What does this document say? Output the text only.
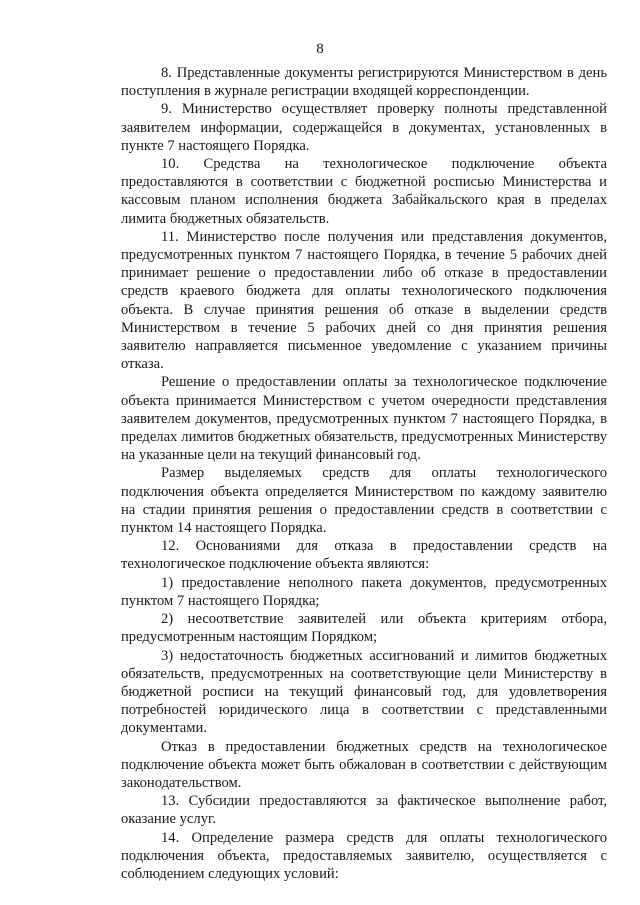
8

8. Представленные документы регистрируются Министерством в день поступления в журнале регистрации входящей корреспонденции.

9. Министерство осуществляет проверку полноты представленной заявителем информации, содержащейся в документах, установленных в пункте 7 настоящего Порядка.

10. Средства на технологическое подключение объекта предоставляются в соответствии с бюджетной росписью Министерства и кассовым планом исполнения бюджета Забайкальского края в пределах лимита бюджетных обязательств.

11. Министерство после получения или представления документов, предусмотренных пунктом 7 настоящего Порядка, в течение 5 рабочих дней принимает решение о предоставлении либо об отказе в предоставлении средств краевого бюджета для оплаты технологического подключения объекта. В случае принятия решения об отказе в выделении средств Министерством в течение 5 рабочих дней со дня принятия решения заявителю направляется письменное уведомление с указанием причины отказа.

Решение о предоставлении оплаты за технологическое подключение объекта принимается Министерством с учетом очередности представления заявителем документов, предусмотренных пунктом 7 настоящего Порядка, в пределах лимитов бюджетных обязательств, предусмотренных Министерству на указанные цели на текущий финансовый год.

Размер выделяемых средств для оплаты технологического подключения объекта определяется Министерством по каждому заявителю на стадии принятия решения о предоставлении средств в соответствии с пунктом 14 настоящего Порядка.

12. Основаниями для отказа в предоставлении средств на технологическое подключение объекта являются:

1) предоставление неполного пакета документов, предусмотренных пунктом 7 настоящего Порядка;

2) несоответствие заявителей или объекта критериям отбора, предусмотренным настоящим Порядком;

3) недостаточность бюджетных ассигнований и лимитов бюджетных обязательств, предусмотренных на соответствующие цели Министерству в бюджетной росписи на текущий финансовый год, для удовлетворения потребностей юридического лица в соответствии с представленными документами.

Отказ в предоставлении бюджетных средств на технологическое подключение объекта может быть обжалован в соответствии с действующим законодательством.

13. Субсидии предоставляются за фактическое выполнение работ, оказание услуг.

14. Определение размера средств для оплаты технологического подключения объекта, предоставляемых заявителю, осуществляется с соблюдением следующих условий:
